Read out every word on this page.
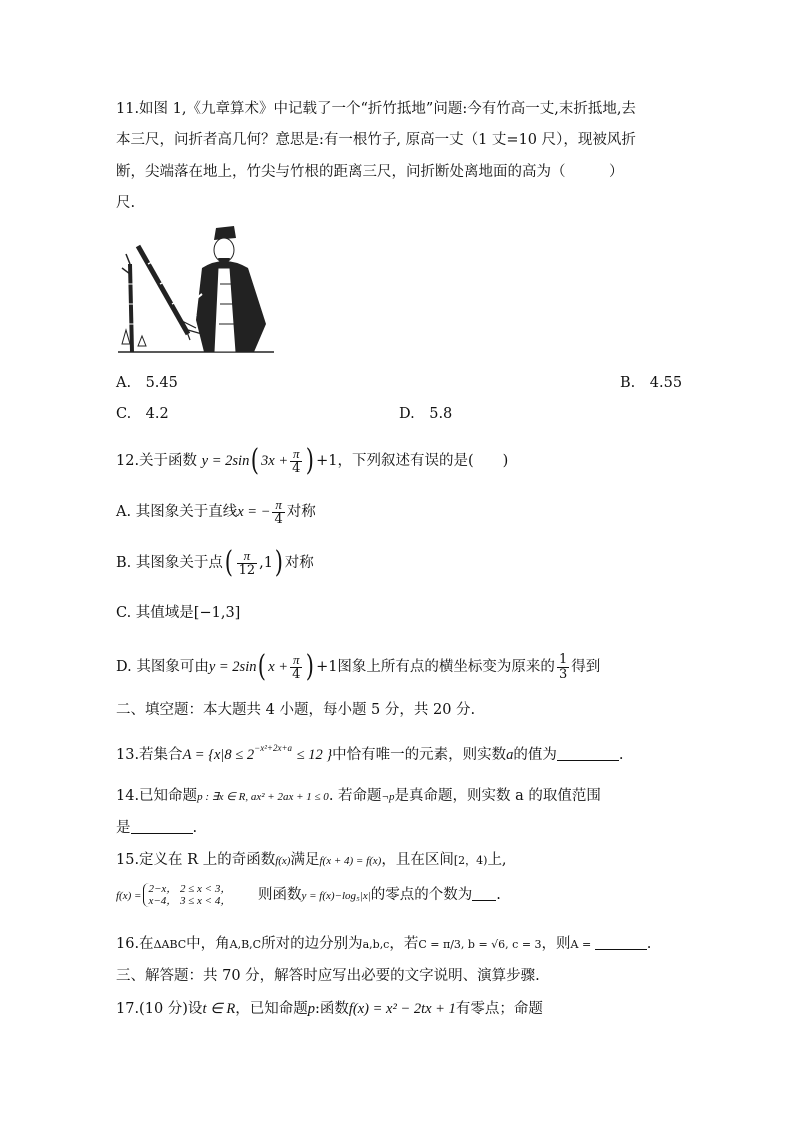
11.如图 1,《九章算术》中记载了一个“折竹抵地”问题:今有竹高一丈,末折抵地,去
本三尺，问折者高几何？意思是:有一根竹子, 原高一丈（1 丈=10 尺），现被风折
断，尖端落在地上，竹尖与竹根的距离三尺，问折断处离地面的高为（　　　）
尺.
A.　5.45	B.　4.55
C.　4.2	D.　5.8
12.关于函数 y = 2sin( $3x + \frac{\pi}{4}$ ) +1，下列叙述有误的是(　　)
A. 其图象关于直线x = − $\frac{\pi}{4}$ 对称
B. 其图象关于点( $\frac{\pi}{12} ,1$) 对称
C. 其值域是[−1,3]
D. 其图象可由y = 2sin( $x + \frac{\pi}{4}$ ) +1图象上所有点的横坐标变为原来的 $\frac{1}{3}$ 得到
二、填空题：本大题共 4 小题，每小题 5 分，共 20 分.
13.若集合$A = \{x|8 \le 2^{-x^2+2x+a} \le 12$ }中恰有唯一的元素，则实数a的值为	.
14.已知命题p : ∃x ∈ R, ax² + 2ax + 1 ≤ 0. 若命题¬p是真命题，则实数 a 的取值范围
是	.
15.定义在 R 上的奇函数f(x)满足f(x + 4) = f(x)，且在区间[2，4)上,
f(x) =
2−x， 2 ≤ x < 3，
x−4， 3 ≤ x < 4， 则函数y = f(x)−log₅|x|的零点的个数为 .
16.在ΔABC中，角A,B,C所对的边分别为a,b,c，若C = π/3, b = √6, c = 3，则A =	.
三、解答题：共 70 分，解答时应写出必要的文字说明、演算步骤.
17.(10 分)设t ∈ R，已知命题p:函数f(x) = x² − 2tx + 1有零点；命题
